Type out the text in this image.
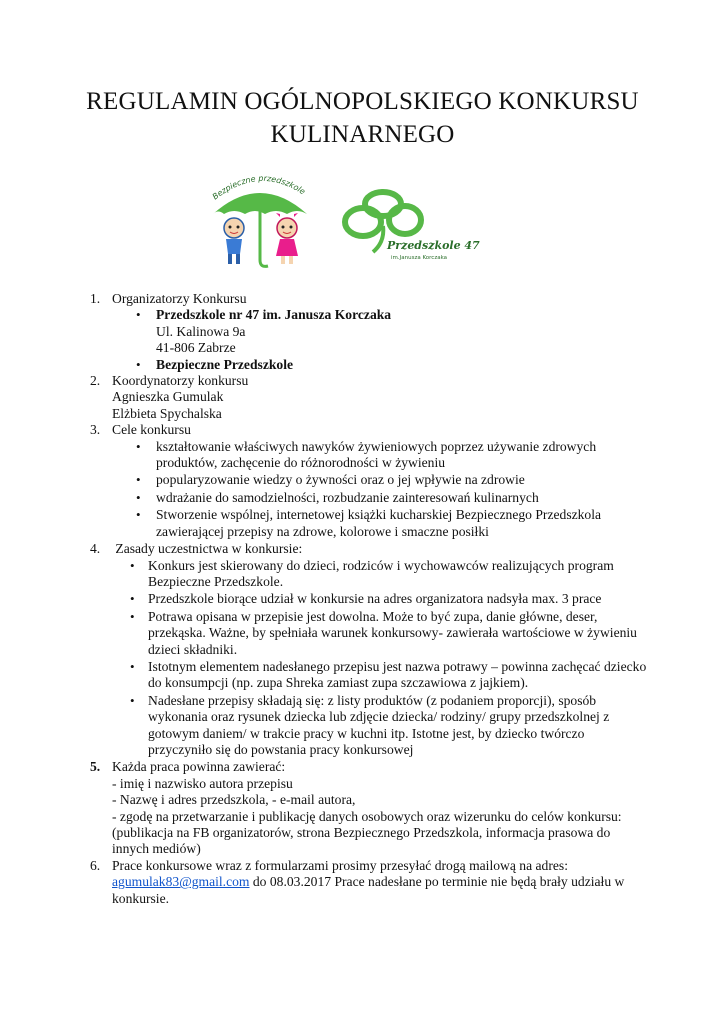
REGULAMIN OGÓLNOPOLSKIEGO KONKURSU
KULINARNEGO
Bezpieczne przedszkole
Przedszkole 47
im.Janusza Korczaka
1. Organizatorzy Konkursu
• Przedszkole nr 47 im. Janusza Korczaka
Ul. Kalinowa 9a
41-806 Zabrze
• Bezpieczne Przedszkole
2. Koordynatorzy konkursu
Agnieszka Gumulak
Elżbieta Spychalska
3. Cele konkursu
• kształtowanie właściwych nawyków żywieniowych poprzez używanie zdrowych produktów, zachęcenie do różnorodności w żywieniu
• popularyzowanie wiedzy o żywności oraz o jej wpływie na zdrowie
• wdrażanie do samodzielności, rozbudzanie zainteresowań kulinarnych
• Stworzenie wspólnej, internetowej książki kucharskiej Bezpiecznego Przedszkola zawierającej przepisy na zdrowe, kolorowe i smaczne posiłki
4. Zasady uczestnictwa w konkursie:
• Konkurs jest skierowany do dzieci, rodziców i wychowawców realizujących program Bezpieczne Przedszkole.
• Przedszkole biorące udział w konkursie na adres organizatora nadsyła max. 3 prace
• Potrawa opisana w przepisie jest dowolna. Może to być zupa, danie główne, deser, przekąska. Ważne, by spełniała warunek konkursowy- zawierała wartościowe w żywieniu dzieci składniki.
• Istotnym elementem nadesłanego przepisu jest nazwa potrawy – powinna zachęcać dziecko do konsumpcji (np. zupa Shreka zamiast zupa szczawiowa z jajkiem).
• Nadesłane przepisy składają się: z listy produktów (z podaniem proporcji), sposób wykonania oraz rysunek dziecka lub zdjęcie dziecka/ rodziny/ grupy przedszkolnej z gotowym daniem/ w trakcie pracy w kuchni itp. Istotne jest, by dziecko twórczo przyczyniło się do powstania pracy konkursowej
5. Każda praca powinna zawierać:
- imię i nazwisko autora przepisu
- Nazwę i adres przedszkola, - e-mail autora,
- zgodę na przetwarzanie i publikację danych osobowych oraz wizerunku do celów konkursu: (publikacja na FB organizatorów, strona Bezpiecznego Przedszkola, informacja prasowa do innych mediów)
6. Prace konkursowe wraz z formularzami prosimy przesyłać drogą mailową na adres: agumulak83@gmail.com do 08.03.2017 Prace nadesłane po terminie nie będą brały udziału w konkursie.
